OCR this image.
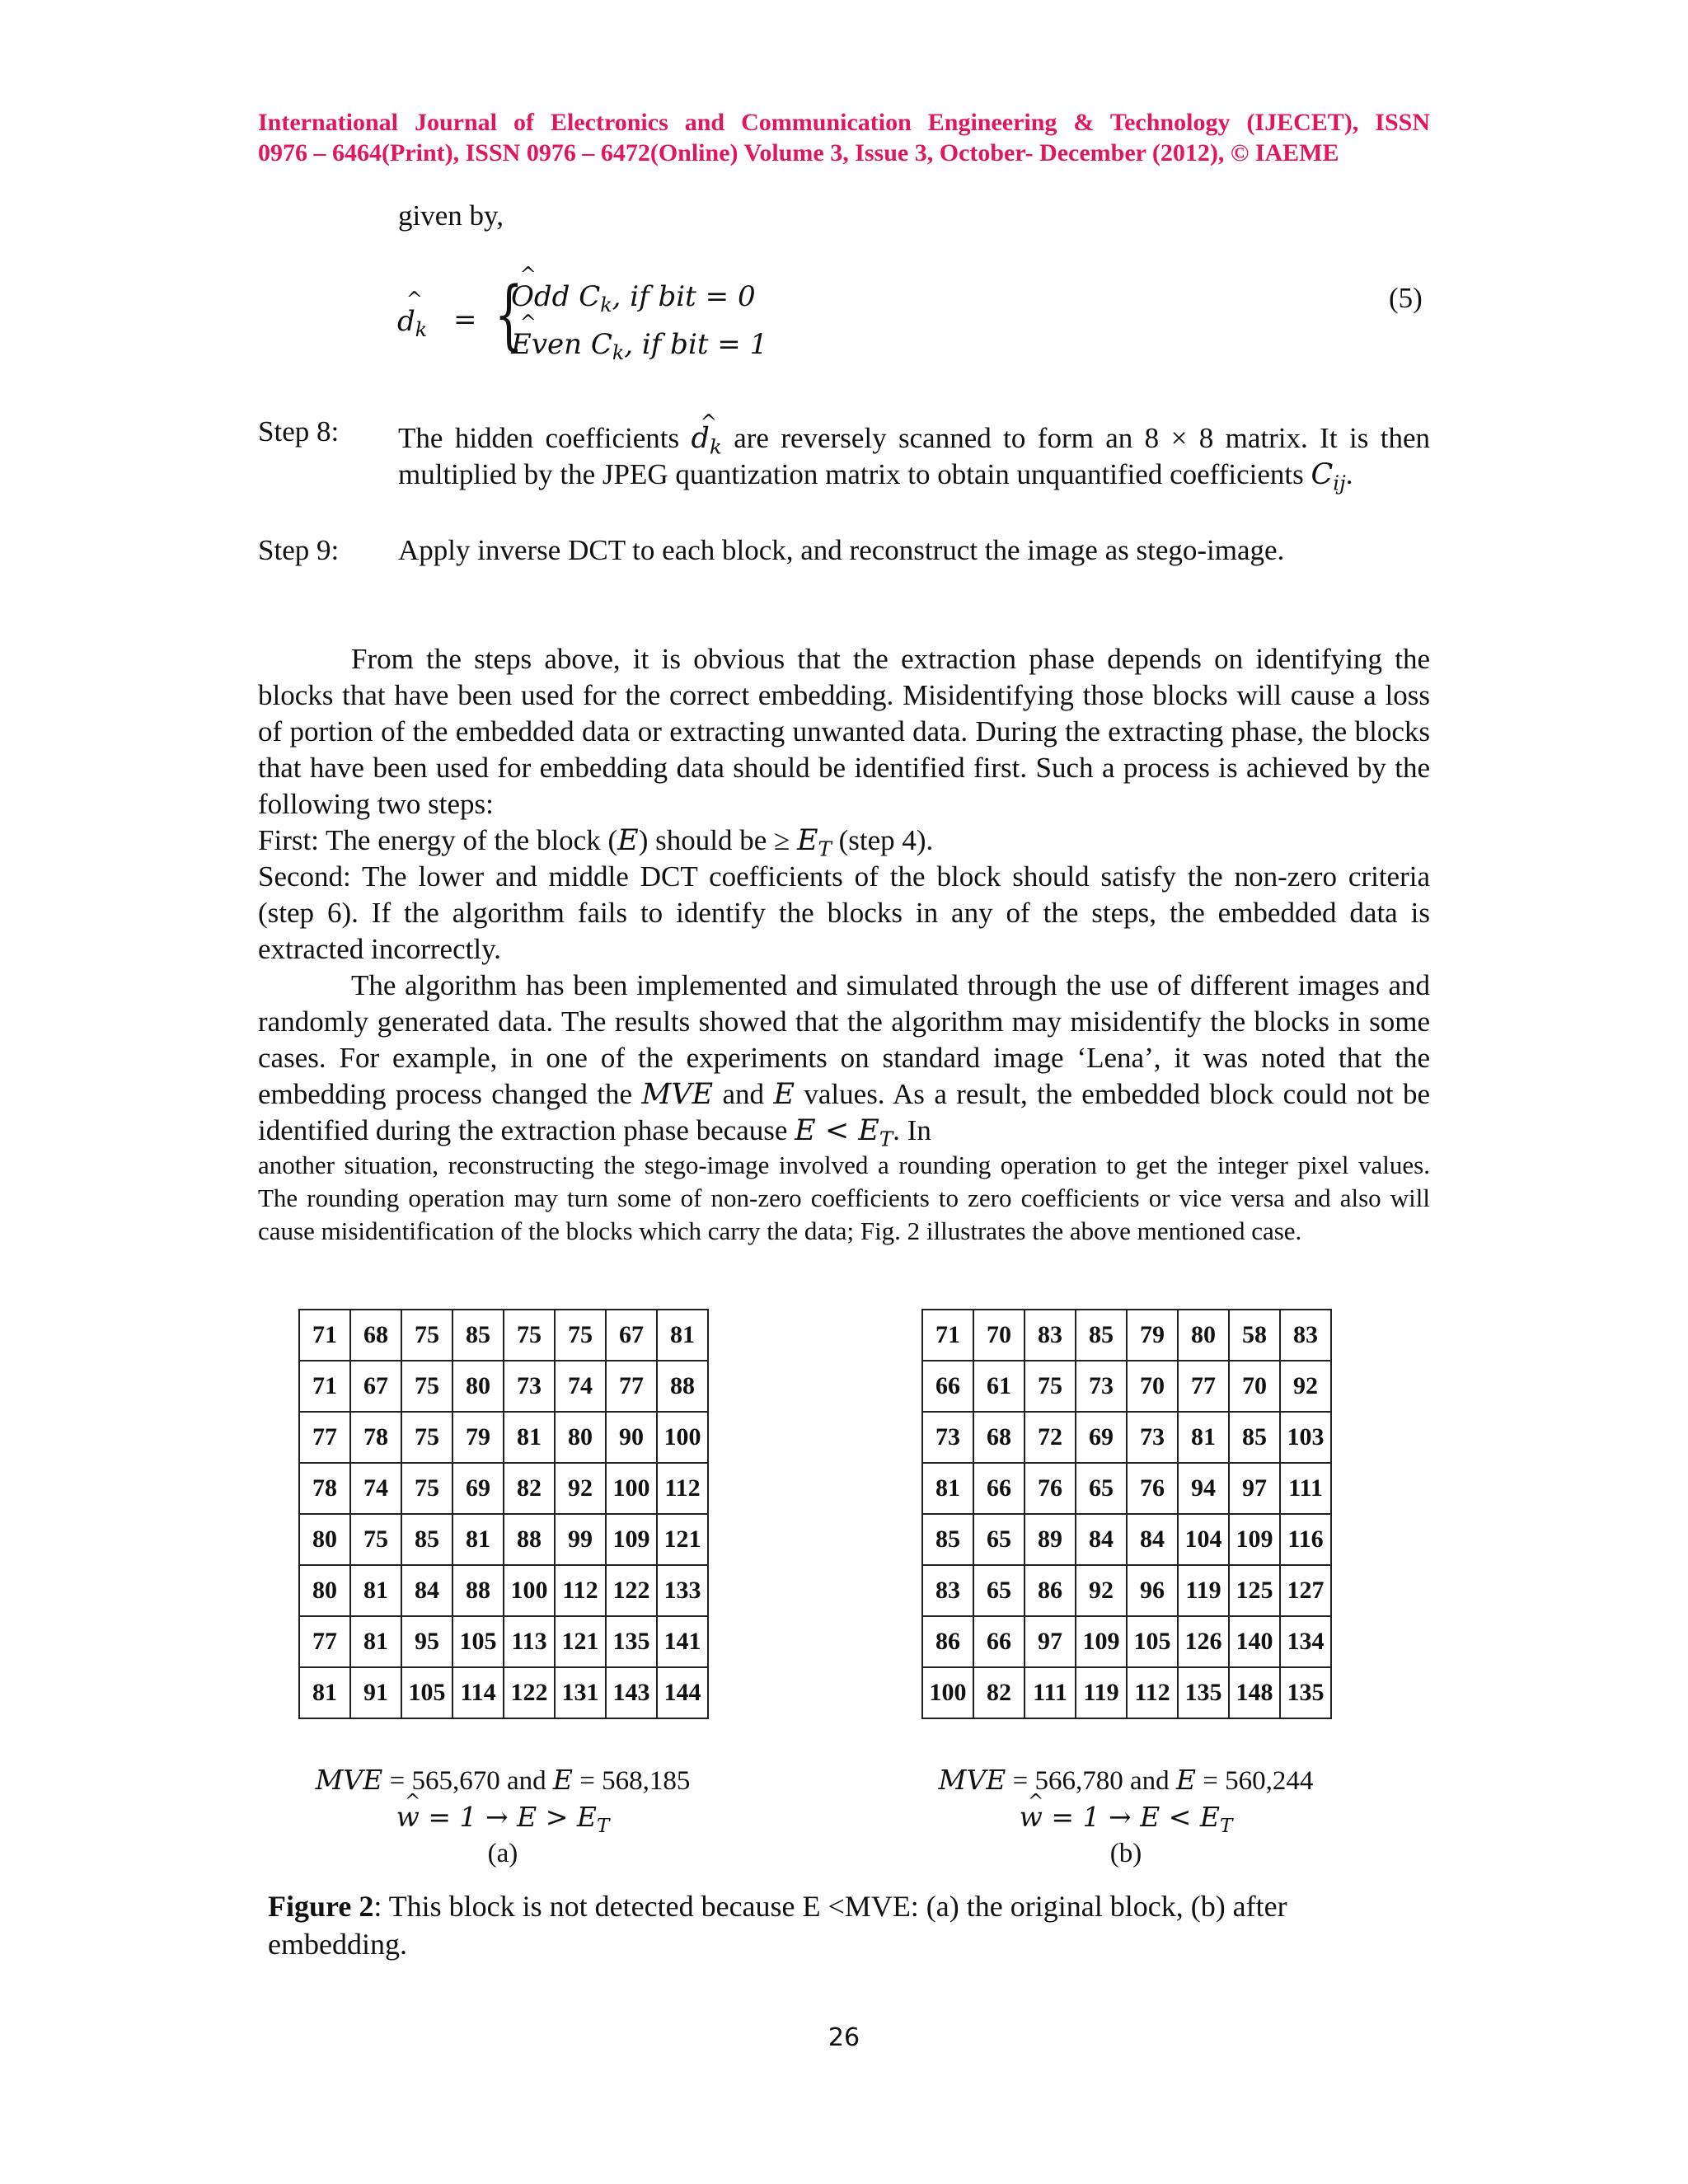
International Journal of Electronics and Communication Engineering & Technology (IJECET), ISSN
0976 – 6464(Print), ISSN 0976 – 6472(Online) Volume 3, Issue 3, October- December (2012), © IAEME
given by,
d $\^{}_k$ = {
Odd C $\^{}_k$, if bit = 0
Even C $\^{}_k$, if bit = 1
(5)
Step 8: The hidden coefficients d $\^{}_k$ are reversely scanned to form an 8 × 8 matrix. It is then multiplied by the JPEG quantization matrix to obtain unquantified coefficients $C_{ij}$.
Step 9: Apply inverse DCT to each block, and reconstruct the image as stego-image.
From the steps above, it is obvious that the extraction phase depends on identifying the blocks that have been used for the correct embedding. Misidentifying those blocks will cause a loss of portion of the embedded data or extracting unwanted data. During the extracting phase, the blocks that have been used for embedding data should be identified first. Such a process is achieved by the following two steps:
First: The energy of the block (E) should be ≥ $E_T$ (step 4).
Second: The lower and middle DCT coefficients of the block should satisfy the non-zero criteria (step 6). If the algorithm fails to identify the blocks in any of the steps, the embedded data is extracted incorrectly.
The algorithm has been implemented and simulated through the use of different images and randomly generated data. The results showed that the algorithm may misidentify the blocks in some cases. For example, in one of the experiments on standard image ‘Lena’, it was noted that the embedding process changed the MVE and E values. As a result, the embedded block could not be identified during the extraction phase because $E < E_T$. In
another situation, reconstructing the stego-image involved a rounding operation to get the integer pixel values. The rounding operation may turn some of non-zero coefficients to zero coefficients or vice versa and also will cause misidentification of the blocks which carry the data; Fig. 2 illustrates the above mentioned case.
71	68	75	85	75	75	67	81
71	67	75	80	73	74	77	88
77	78	75	79	81	80	90	100
78	74	75	69	82	92	100	112
80	75	85	81	88	99	109	121
80	81	84	88	100	112	122	133
77	81	95	105	113	121	135	141
81	91	105	114	122	131	143	144
71	70	83	85	79	80	58	83
66	61	75	73	70	77	70	92
73	68	72	69	73	81	85	103
81	66	76	65	76	94	97	111
85	65	89	84	84	104	109	116
83	65	86	92	96	119	125	127
86	66	97	109	105	126	140	134
100	82	111	119	112	135	148	135
MVE = 565,670 and E = 568,185
w ^ = $1 \to E > E_T$
(a)
MVE = 566,780 and E = 560,244
w ^ = $1 \to E < E_T$
(b)
Figure 2: This block is not detected because E <MVE: (a) the original block, (b) after embedding.
26
